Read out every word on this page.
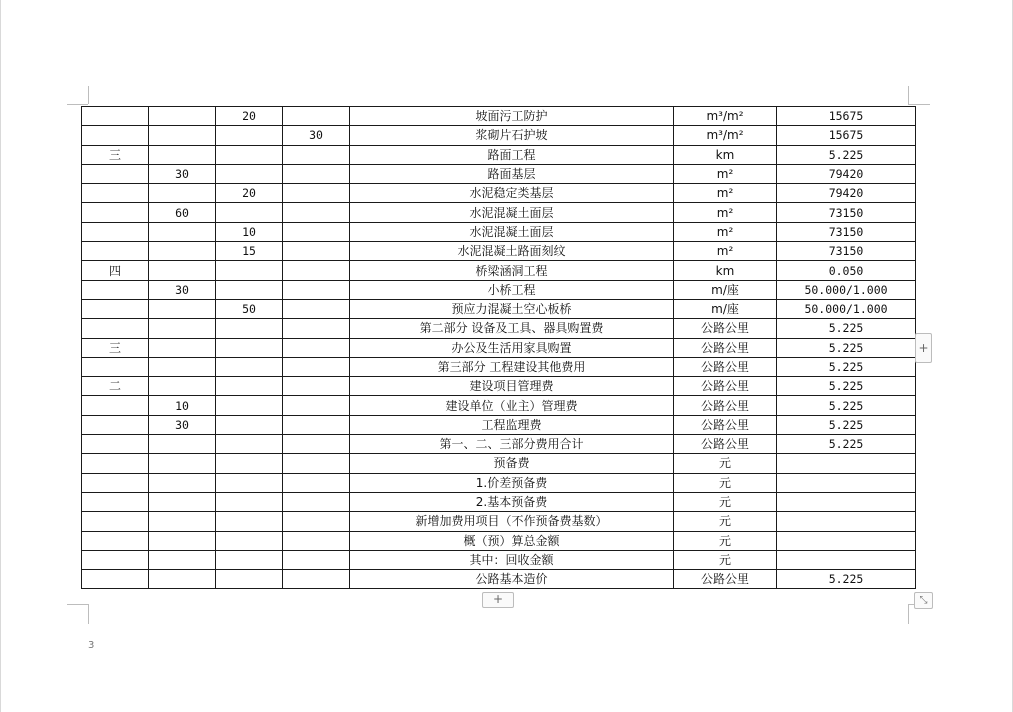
		20		坡面污工防护	m³/m²	15675
			30	浆砌片石护坡	m³/m²	15675
三				路面工程	km	5.225
	30			路面基层	m²	79420
		20		水泥稳定类基层	m²	79420
	60			水泥混凝土面层	m²	73150
		10		水泥混凝土面层	m²	73150
		15		水泥混凝土路面刻纹	m²	73150
四				桥梁涵洞工程	km	0.050
	30			小桥工程	m/座	50.000/1.000
		50		预应力混凝土空心板桥	m/座	50.000/1.000
				第二部分 设备及工具、器具购置费	公路公里	5.225
三				办公及生活用家具购置	公路公里	5.225
				第三部分 工程建设其他费用	公路公里	5.225
二				建设项目管理费	公路公里	5.225
	10			建设单位（业主）管理费	公路公里	5.225
	30			工程监理费	公路公里	5.225
				第一、二、三部分费用合计	公路公里	5.225
				预备费	元	
				1.价差预备费	元	
				2.基本预备费	元	
				新增加费用项目（不作预备费基数）	元	
				概（预）算总金额	元	
				其中：回收金额	元	
				公路基本造价	公路公里	5.225
+
+
⤡
3
